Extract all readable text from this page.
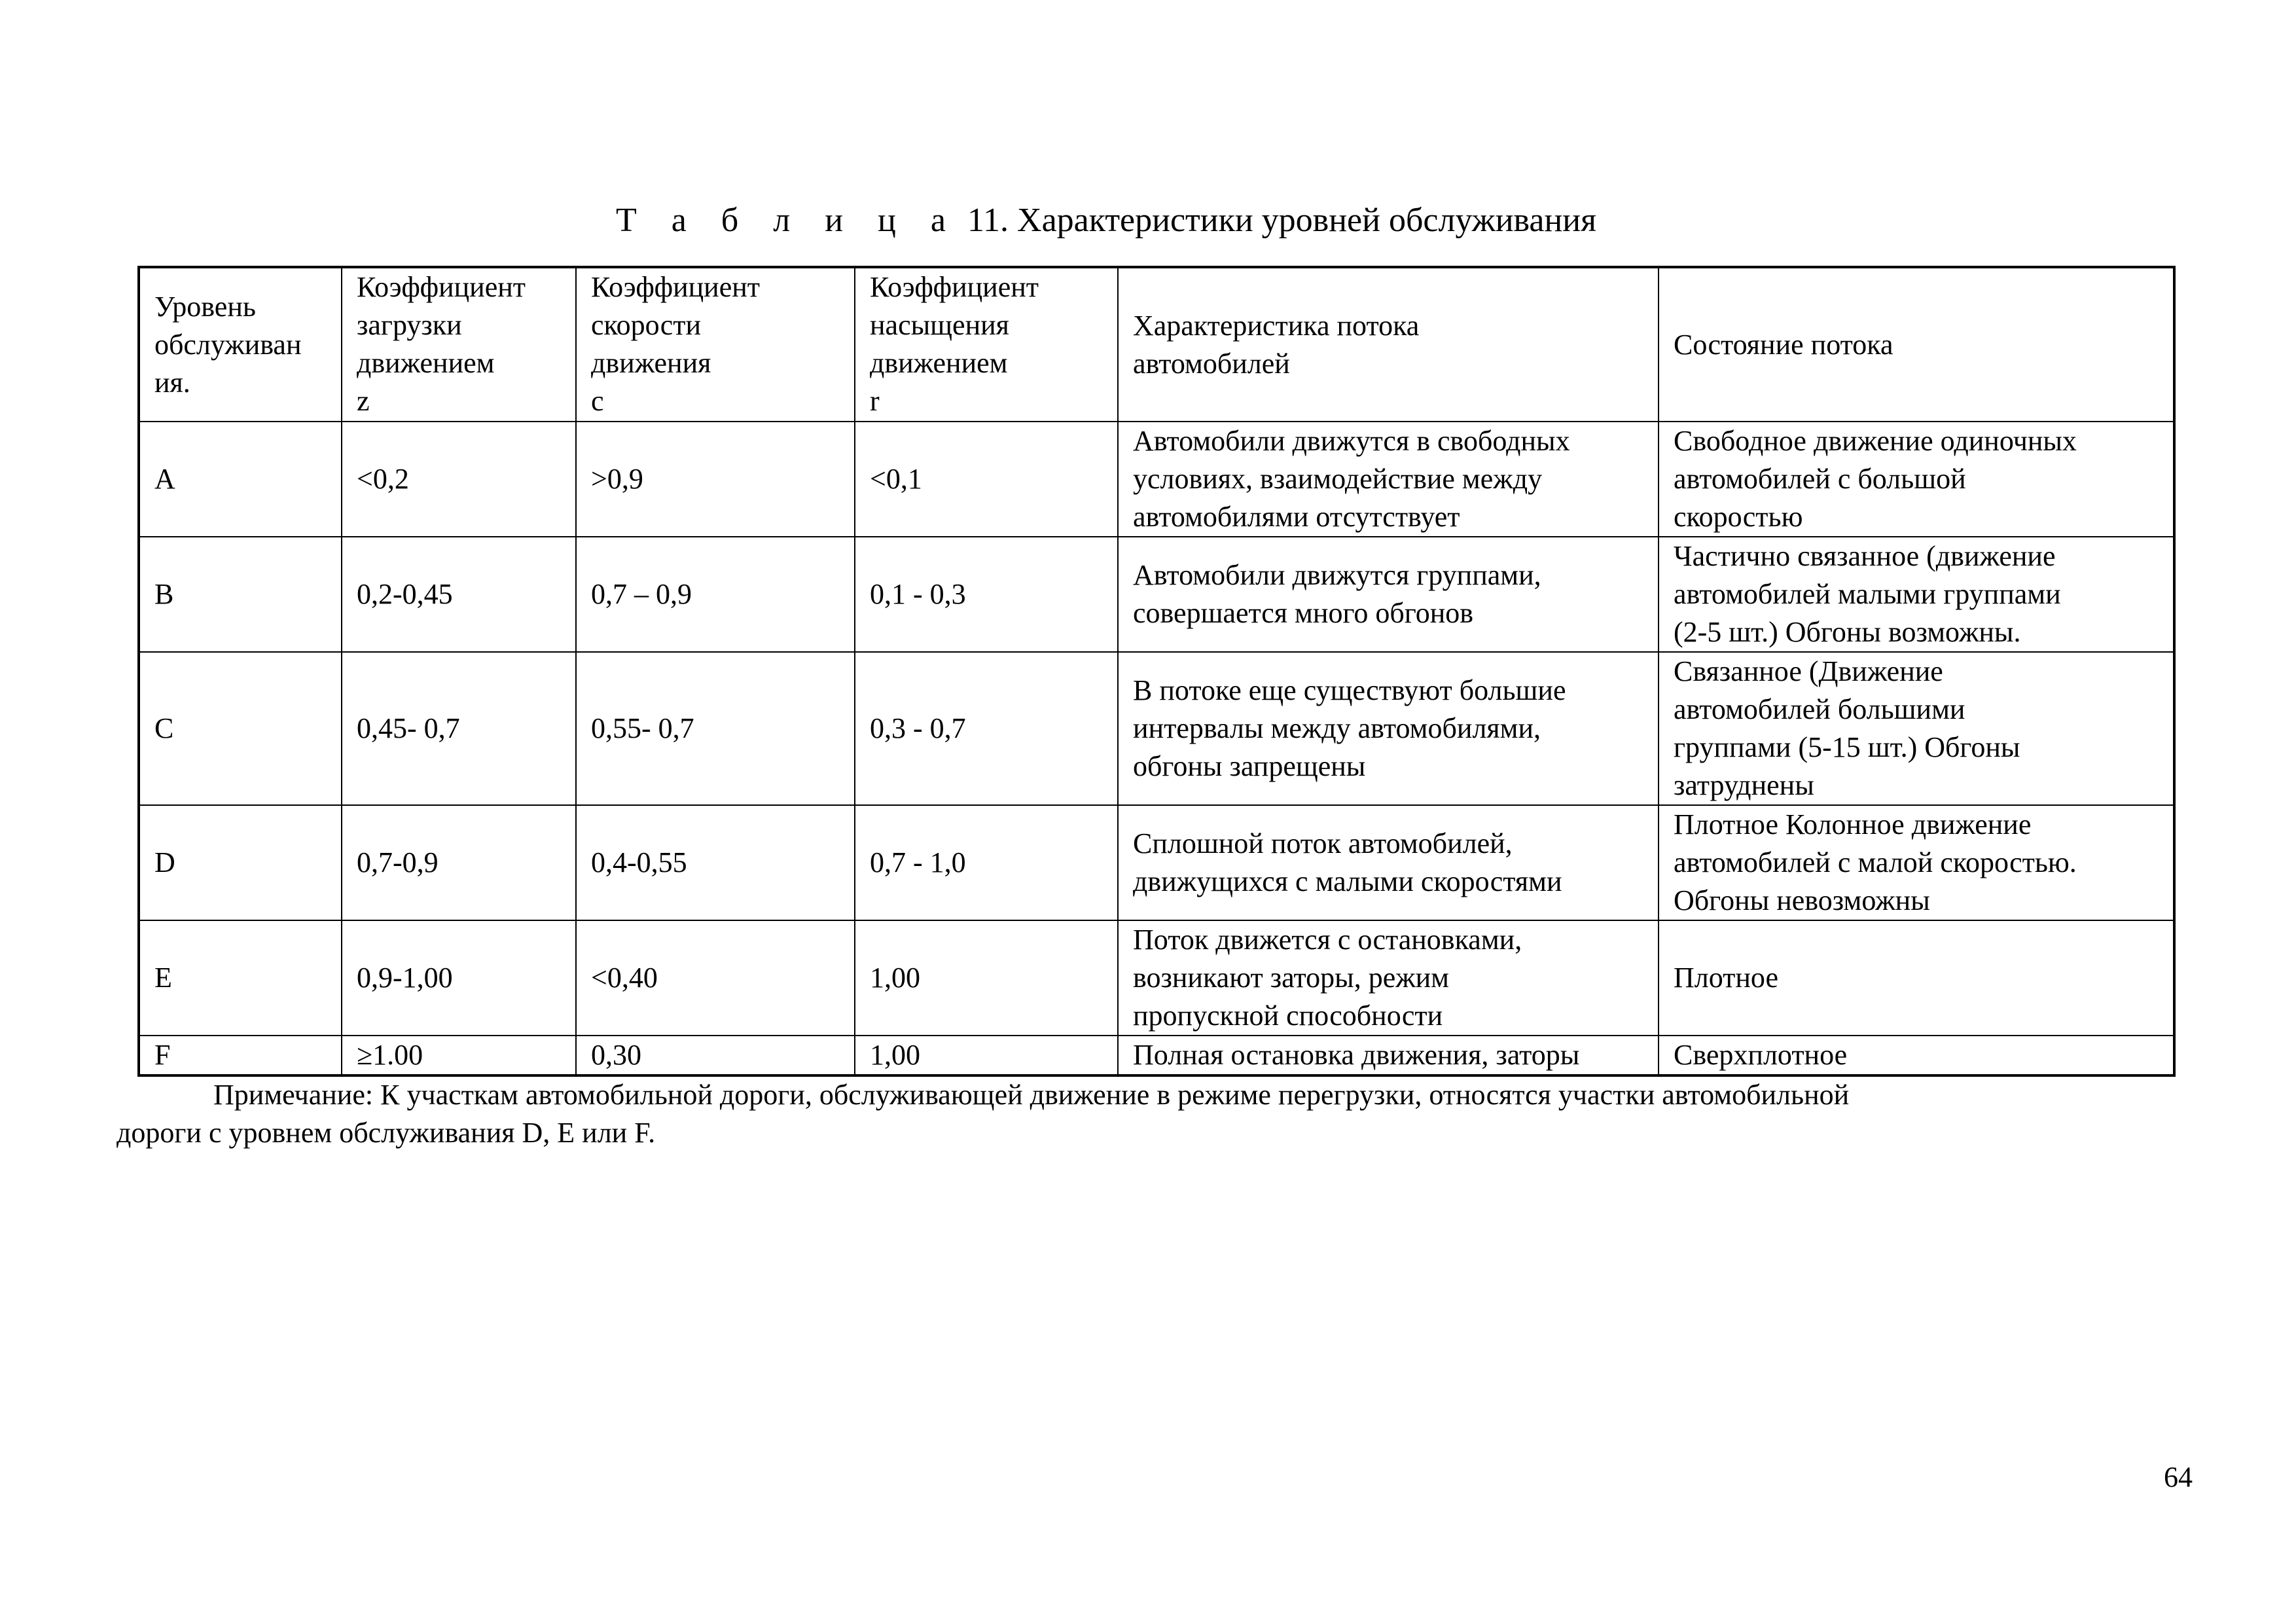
Т а б л и ц а 11. Характеристики уровней обслуживания
Уровень
обслуживан
ия.	Коэффициент
загрузки
движением
z	Коэффициент
скорости
движения
с	Коэффициент
насыщения
движением
r	Характеристика потока
автомобилей	Состояние потока

А	<0,2	>0,9	<0,1	Автомобили движутся в свободных
условиях, взаимодействие между
автомобилями отсутствует	Свободное движение одиночных
автомобилей с большой
скоростью

В	0,2-0,45	0,7 – 0,9	0,1 - 0,3	Автомобили движутся группами,
совершается много обгонов	Частично связанное (движение
автомобилей малыми группами
(2-5 шт.) Обгоны возможны.

С	0,45- 0,7	0,55- 0,7	0,3 - 0,7	В потоке еще существуют большие
интервалы между автомобилями,
обгоны запрещены	Связанное (Движение
автомобилей большими
группами (5-15 шт.) Обгоны
затруднены

D	0,7-0,9	0,4-0,55	0,7 - 1,0	Сплошной поток автомобилей,
движущихся с малыми скоростями	Плотное Колонное движение
автомобилей с малой скоростью.
Обгоны невозможны

Е	0,9-1,00	<0,40	1,00	Поток движется с остановками,
возникают заторы, режим
пропускной способности	Плотное

F	≥1.00	0,30	1,00	Полная остановка движения, заторы	Сверхплотное
Примечание: К участкам автомобильной дороги, обслуживающей движение в режиме перегрузки, относятся участки автомобильной
дороги с уровнем обслуживания D, E или F.
64
